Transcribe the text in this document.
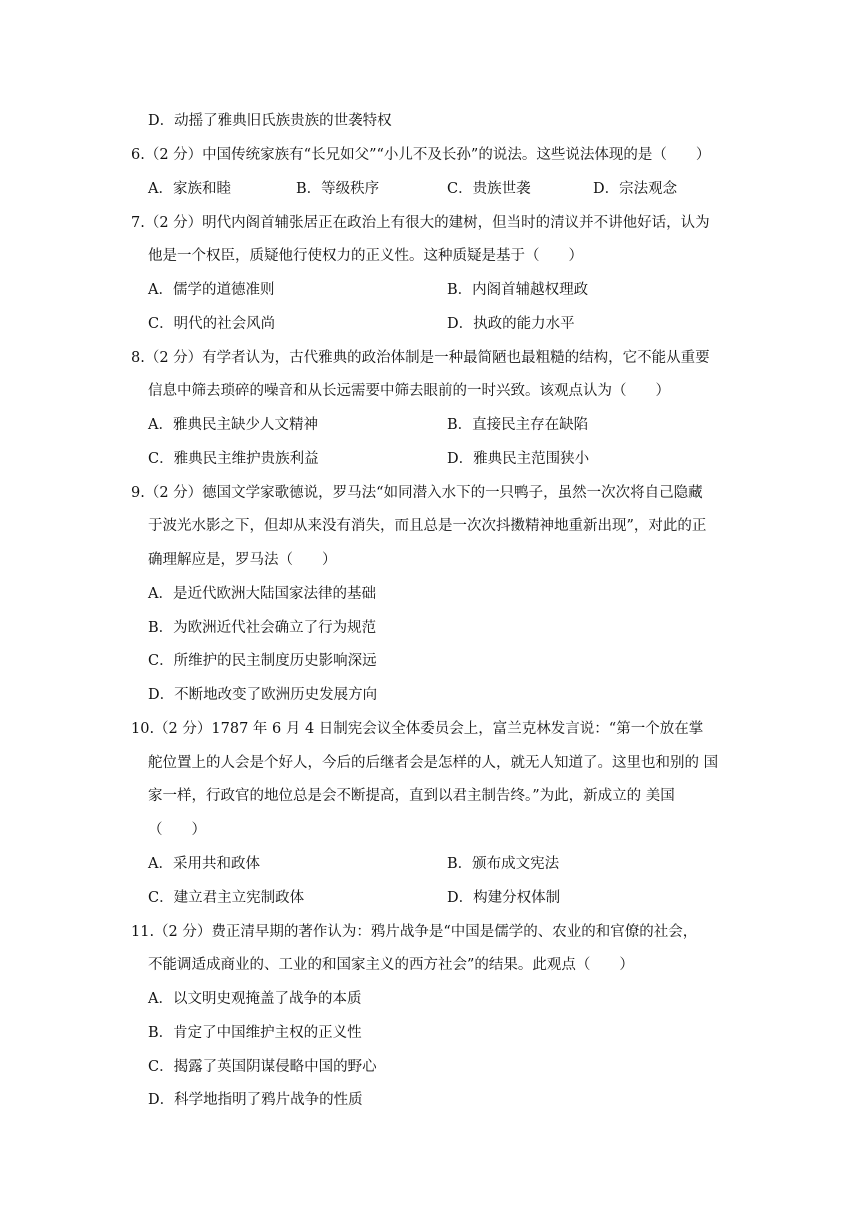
D．动摇了雅典旧氏族贵族的世袭特权
6.（2 分）中国传统家族有“长兄如父”“小儿不及长孙”的说法。这些说法体现的是（　　）
A．家族和睦	B．等级秩序	C．贵族世袭	D．宗法观念
7.（2 分）明代内阁首辅张居正在政治上有很大的建树，但当时的清议并不讲他好话，认为
他是一个权臣，质疑他行使权力的正义性。这种质疑是基于（　　）
A．儒学的道德准则	B．内阁首辅越权理政
C．明代的社会风尚	D．执政的能力水平
8.（2 分）有学者认为，古代雅典的政治体制是一种最简陋也最粗糙的结构，它不能从重要
信息中筛去琐碎的噪音和从长远需要中筛去眼前的一时兴致。该观点认为（　　）
A．雅典民主缺少人文精神	B．直接民主存在缺陷
C．雅典民主维护贵族利益	D．雅典民主范围狭小
9.（2 分）德国文学家歌德说，罗马法“如同潜入水下的一只鸭子，虽然一次次将自己隐藏
于波光水影之下，但却从来没有消失，而且总是一次次抖擞精神地重新出现”，对此的正
确理解应是，罗马法（　　）
A．是近代欧洲大陆国家法律的基础
B．为欧洲近代社会确立了行为规范
C．所维护的民主制度历史影响深远
D．不断地改变了欧洲历史发展方向
10.（2 分）1787 年 6 月 4 日制宪会议全体委员会上，富兰克林发言说：“第一个放在掌
舵位置上的人会是个好人，今后的后继者会是怎样的人，就无人知道了。这里也和别的 国
家一样，行政官的地位总是会不断提高，直到以君主制告终。”为此，新成立的 美国
（　　）
A．采用共和政体	B．颁布成文宪法
C．建立君主立宪制政体	D．构建分权体制
11.（2 分）费正清早期的著作认为：鸦片战争是“中国是儒学的、农业的和官僚的社会，
不能调适成商业的、工业的和国家主义的西方社会”的结果。此观点（　　）
A．以文明史观掩盖了战争的本质
B．肯定了中国维护主权的正义性
C．揭露了英国阴谋侵略中国的野心
D．科学地指明了鸦片战争的性质
